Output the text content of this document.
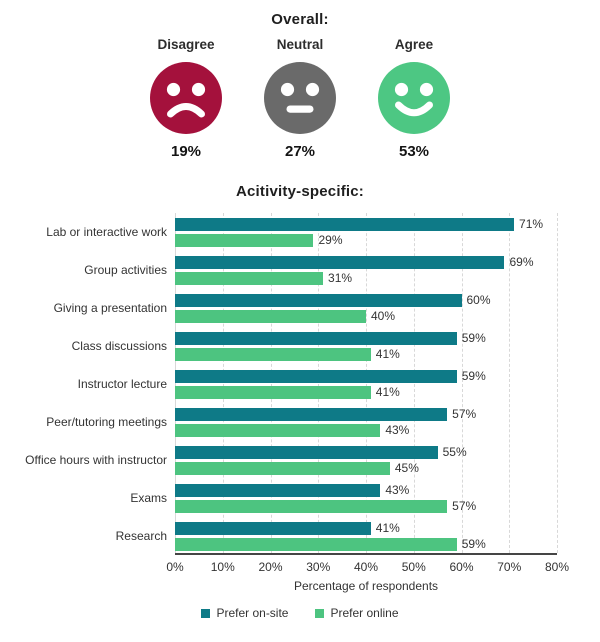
Overall:
Disagree
19%
Neutral
27%
Agree
53%
Acitivity-specific:
Lab or interactive work
71%
29%
Group activities
69%
31%
Giving a presentation
60%
40%
Class discussions
59%
41%
Instructor lecture
59%
41%
Peer/tutoring meetings
57%
43%
Office hours with instructor
55%
45%
Exams
43%
57%
Research
41%
59%
0% 10% 20% 30% 40% 50% 60% 70% 80%
Percentage of respondents
Prefer on-site	Prefer online
